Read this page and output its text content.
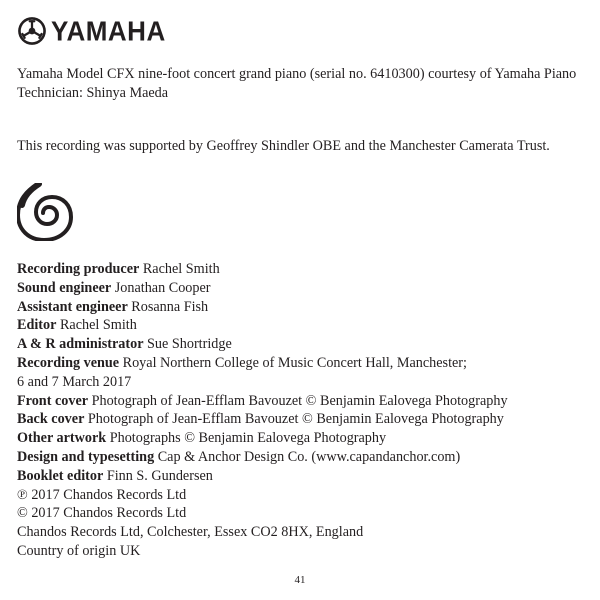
YAMAHA

Yamaha Model CFX nine-foot concert grand piano (serial no. 6410300) courtesy of Yamaha Piano Technician: Shinya Maeda

This recording was supported by Geoffrey Shindler OBE and the Manchester Camerata Trust.

Recording producer Rachel Smith
Sound engineer Jonathan Cooper
Assistant engineer Rosanna Fish
Editor Rachel Smith
A & R administrator Sue Shortridge
Recording venue Royal Northern College of Music Concert Hall, Manchester;
6 and 7 March 2017
Front cover Photograph of Jean-Efflam Bavouzet © Benjamin Ealovega Photography
Back cover Photograph of Jean-Efflam Bavouzet © Benjamin Ealovega Photography
Other artwork Photographs © Benjamin Ealovega Photography
Design and typesetting Cap & Anchor Design Co. (www.capandanchor.com)
Booklet editor Finn S. Gundersen
℗ 2017 Chandos Records Ltd
© 2017 Chandos Records Ltd
Chandos Records Ltd, Colchester, Essex CO2 8HX, England
Country of origin UK
41
